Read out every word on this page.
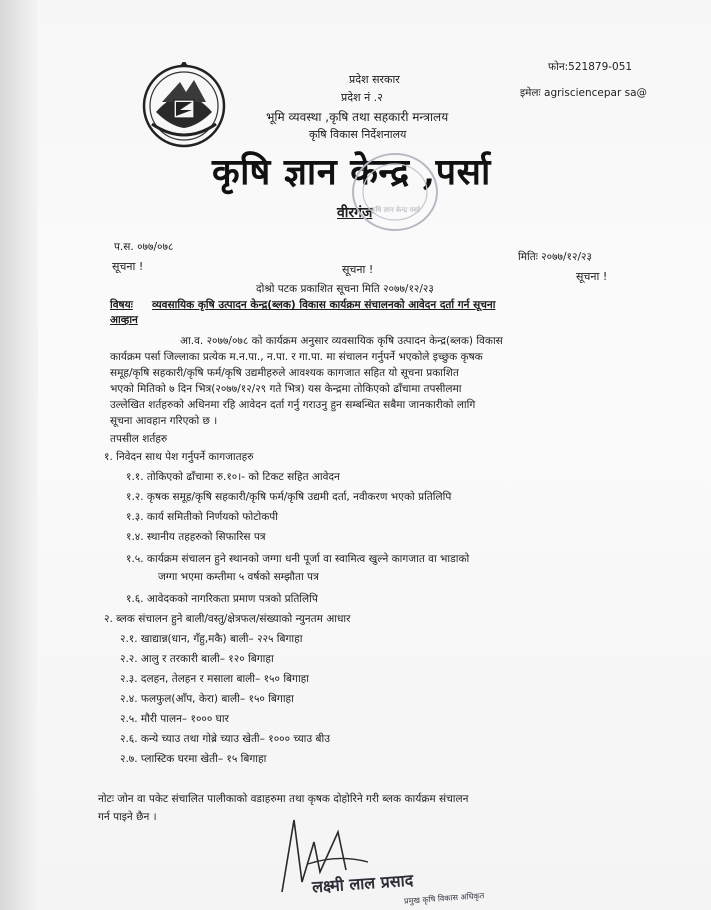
फोन:521879-051
इमेलः agrisciencepar sa@
प्रदेश सरकार
प्रदेश नं .२
भूमि व्यवस्था ,कृषि तथा सहकारी मन्त्रालय
कृषि विकास निर्देशनालय
कृषि ज्ञान केन्द्र ,पर्सा
वीरगंज
कृषि ज्ञान केन्द्र पर्सा
प.स. ०७७/०७८
मितिः २०७७/१२/२३
सूचना !	सूचना !
सूचना !
दोश्रो पटक प्रकाशित सूचना मिति २०७७/१२/२३
विषयः व्यवसायिक कृषि उत्पादन केन्द्र(ब्लक) विकास कार्यक्रम संचालनको आवेदन दर्ता गर्न सूचना
आव्हान
आ.व. २०७७/०७८ को कार्यक्रम अनुसार व्यवसायिक कृषि उत्पादन केन्द्र(ब्लक) विकास
कार्यक्रम पर्सा जिल्लाका प्रत्येक म.न.पा., न.पा. र गा.पा. मा संचालन गर्नुपर्ने भएकोले इच्छुक कृषक
समूह/कृषि सहकारी/कृषि फर्म/कृषि उद्यमीहरुले आवश्यक कागजात सहित यो सूचना प्रकाशित
भएको मितिको ७ दिन भित्र(२०७७/१२/२९ गते भित्र) यस केन्द्रमा तोकिएको ढाँचामा तपसीलमा
उल्लेखित शर्तहरुको अधिनमा रहि आवेदन दर्ता गर्नु गराउनु हुन सम्बन्धित सबैमा जानकारीको लागि
सूचना आवहान गरिएको छ ।
तपसील शर्तहरु
१. निवेदन साथ पेश गर्नुपर्ने कागजातहरु
१.१. तोकिएको ढाँचामा रु.१०।- को टिकट सहित आवेदन
१.२. कृषक समूह/कृषि सहकारी/कृषि फर्म/कृषि उद्यमी दर्ता, नवीकरण भएको प्रतिलिपि
१.३. कार्य समितीको निर्णयको फोटोकपी
१.४. स्थानीय तहहरुको सिफारिस पत्र
१.५. कार्यक्रम संचालन हुने स्थानको जग्गा धनी पूर्जा वा स्वामित्व खुल्ने कागजात वा भाडाको
जग्गा भएमा कम्तीमा ५ वर्षको सम्झौता पत्र
१.६. आवेदकको नागरिकता प्रमाण पत्रको प्रतिलिपि
२. ब्लक संचालन हुने बाली/वस्तु/क्षेत्रफल/संख्याको न्युनतम आधार
२.१. खाद्यान्न(धान, गँहु,मकै) बाली– २२५ बिगाहा
२.२. आलु र तरकारी बाली– १२० बिगाहा
२.३. दलहन, तेलहन र मसाला बाली– १५० बिगाहा
२.४. फलफुल(आँप, केरा) बाली– १५० बिगाहा
२.५. मौरी पालन– १००० घार
२.६. कन्ये च्याउ तथा गोब्रे च्याउ खेती– १००० च्याउ बीउ
२.७. प्लास्टिक घरमा खेती– १५ बिगाहा
नोटः जोन वा पकेट संचालित पालीकाको वडाहरुमा तथा कृषक दोहोरिने गरी ब्लक कार्यक्रम संचालन
गर्न पाइने छैन ।
लक्ष्मी लाल प्रसाद
प्रमुख कृषि विकास अधिकृत
